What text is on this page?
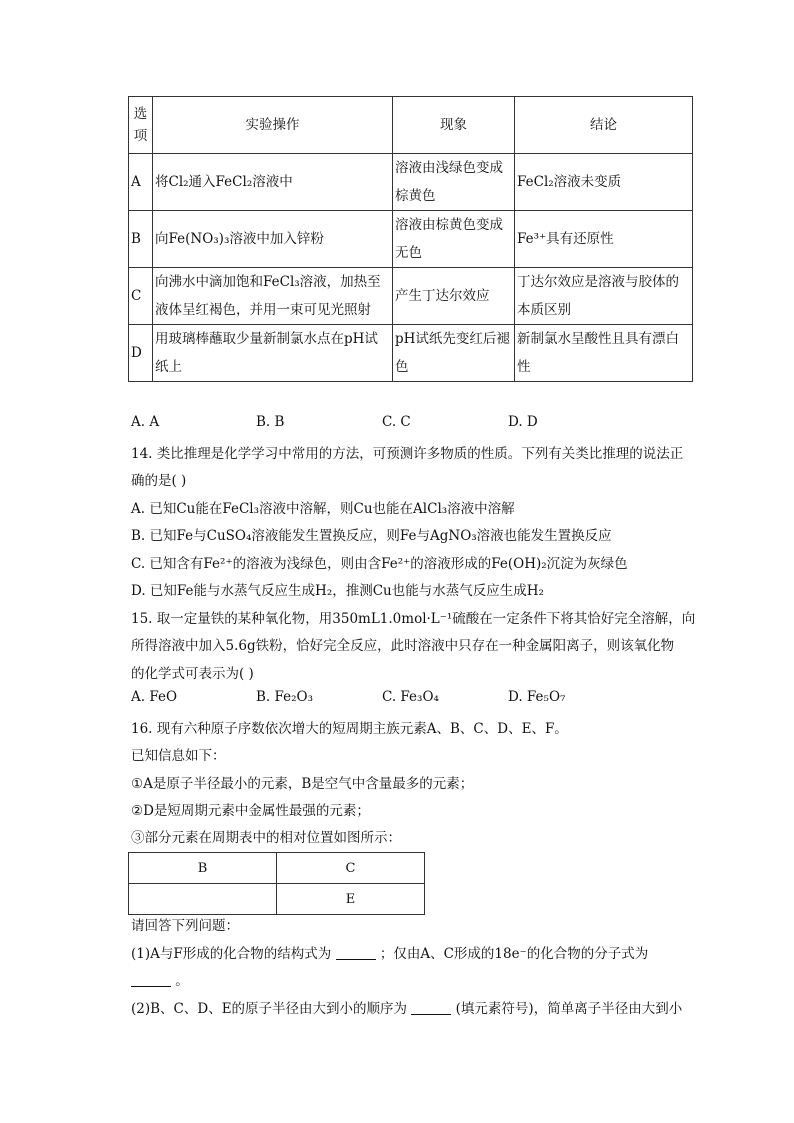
选项	实验操作	现象	结论
A	将Cl₂通入FeCl₂溶液中	溶液由浅绿色变成棕黄色	FeCl₂溶液未变质
B	向Fe(NO₃)₃溶液中加入锌粉	溶液由棕黄色变成无色	Fe³⁺具有还原性
C	向沸水中滴加饱和FeCl₃溶液，加热至液体呈红褐色，并用一束可见光照射	产生丁达尔效应	丁达尔效应是溶液与胶体的本质区别
D	用玻璃棒蘸取少量新制氯水点在pH试纸上	pH试纸先变红后褪色	新制氯水呈酸性且具有漂白性
A. A	B. B	C. C	D. D
14. 类比推理是化学学习中常用的方法，可预测许多物质的性质。下列有关类比推理的说法正
确的是( )
A. 已知Cu能在FeCl₃溶液中溶解，则Cu也能在AlCl₃溶液中溶解
B. 已知Fe与CuSO₄溶液能发生置换反应，则Fe与AgNO₃溶液也能发生置换反应
C. 已知含有Fe²⁺的溶液为浅绿色，则由含Fe²⁺的溶液形成的Fe(OH)₂沉淀为灰绿色
D. 已知Fe能与水蒸气反应生成H₂，推测Cu也能与水蒸气反应生成H₂
15. 取一定量铁的某种氧化物，用350mL1.0mol·L⁻¹硫酸在一定条件下将其恰好完全溶解，向
所得溶液中加入5.6g铁粉，恰好完全反应，此时溶液中只存在一种金属阳离子，则该氧化物
的化学式可表示为( )
A. FeO	B. Fe₂O₃	C. Fe₃O₄	D. Fe₅O₇
16. 现有六种原子序数依次增大的短周期主族元素A、B、C、D、E、F。
已知信息如下：
①A是原子半径最小的元素，B是空气中含量最多的元素；
②D是短周期元素中金属性最强的元素；
③部分元素在周期表中的相对位置如图所示：
B	C
	E
请回答下列问题：
(1)A与F形成的化合物的结构式为	；仅由A、C形成的18e⁻的化合物的分子式为
。
(2)B、C、D、E的原子半径由大到小的顺序为	(填元素符号)，简单离子半径由大到小
